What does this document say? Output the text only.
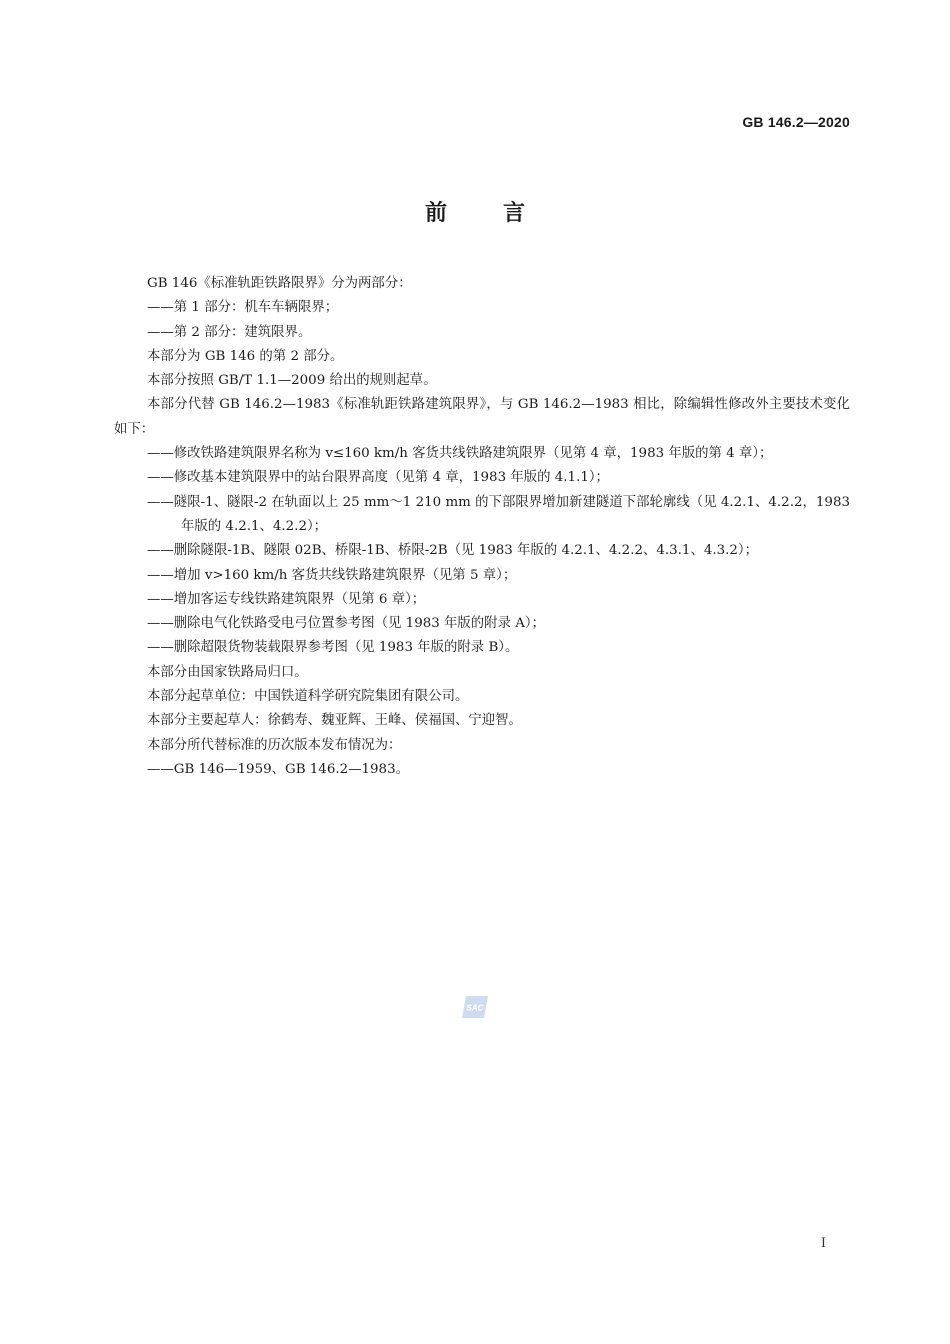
GB 146.2—2020
前言

GB 146《标准轨距铁路限界》分为两部分：

——第 1 部分：机车车辆限界；

——第 2 部分：建筑限界。

本部分为 GB 146 的第 2 部分。

本部分按照 GB/T 1.1—2009 给出的规则起草。

本部分代替 GB 146.2—1983《标准轨距铁路建筑限界》，与 GB 146.2—1983 相比，除编辑性修改外主要技术变化如下：

——修改铁路建筑限界名称为 v≤160 km/h 客货共线铁路建筑限界（见第 4 章，1983 年版的第 4 章）；

——修改基本建筑限界中的站台限界高度（见第 4 章，1983 年版的 4.1.1）；

——隧限-1、隧限-2 在轨面以上 25 mm～1 210 mm 的下部限界增加新建隧道下部轮廓线（见 4.2.1、4.2.2，1983 年版的 4.2.1、4.2.2）；

——删除隧限-1B、隧限 02B、桥限-1B、桥限-2B（见 1983 年版的 4.2.1、4.2.2、4.3.1、4.3.2）；

——增加 v>160 km/h 客货共线铁路建筑限界（见第 5 章）；

——增加客运专线铁路建筑限界（见第 6 章）；

——删除电气化铁路受电弓位置参考图（见 1983 年版的附录 A）；

——删除超限货物装载限界参考图（见 1983 年版的附录 B）。

本部分由国家铁路局归口。

本部分起草单位：中国铁道科学研究院集团有限公司。

本部分主要起草人：徐鹤寿、魏亚辉、王峰、侯福国、宁迎智。

本部分所代替标准的历次版本发布情况为：

——GB 146—1959、GB 146.2—1983。

SAC
I
